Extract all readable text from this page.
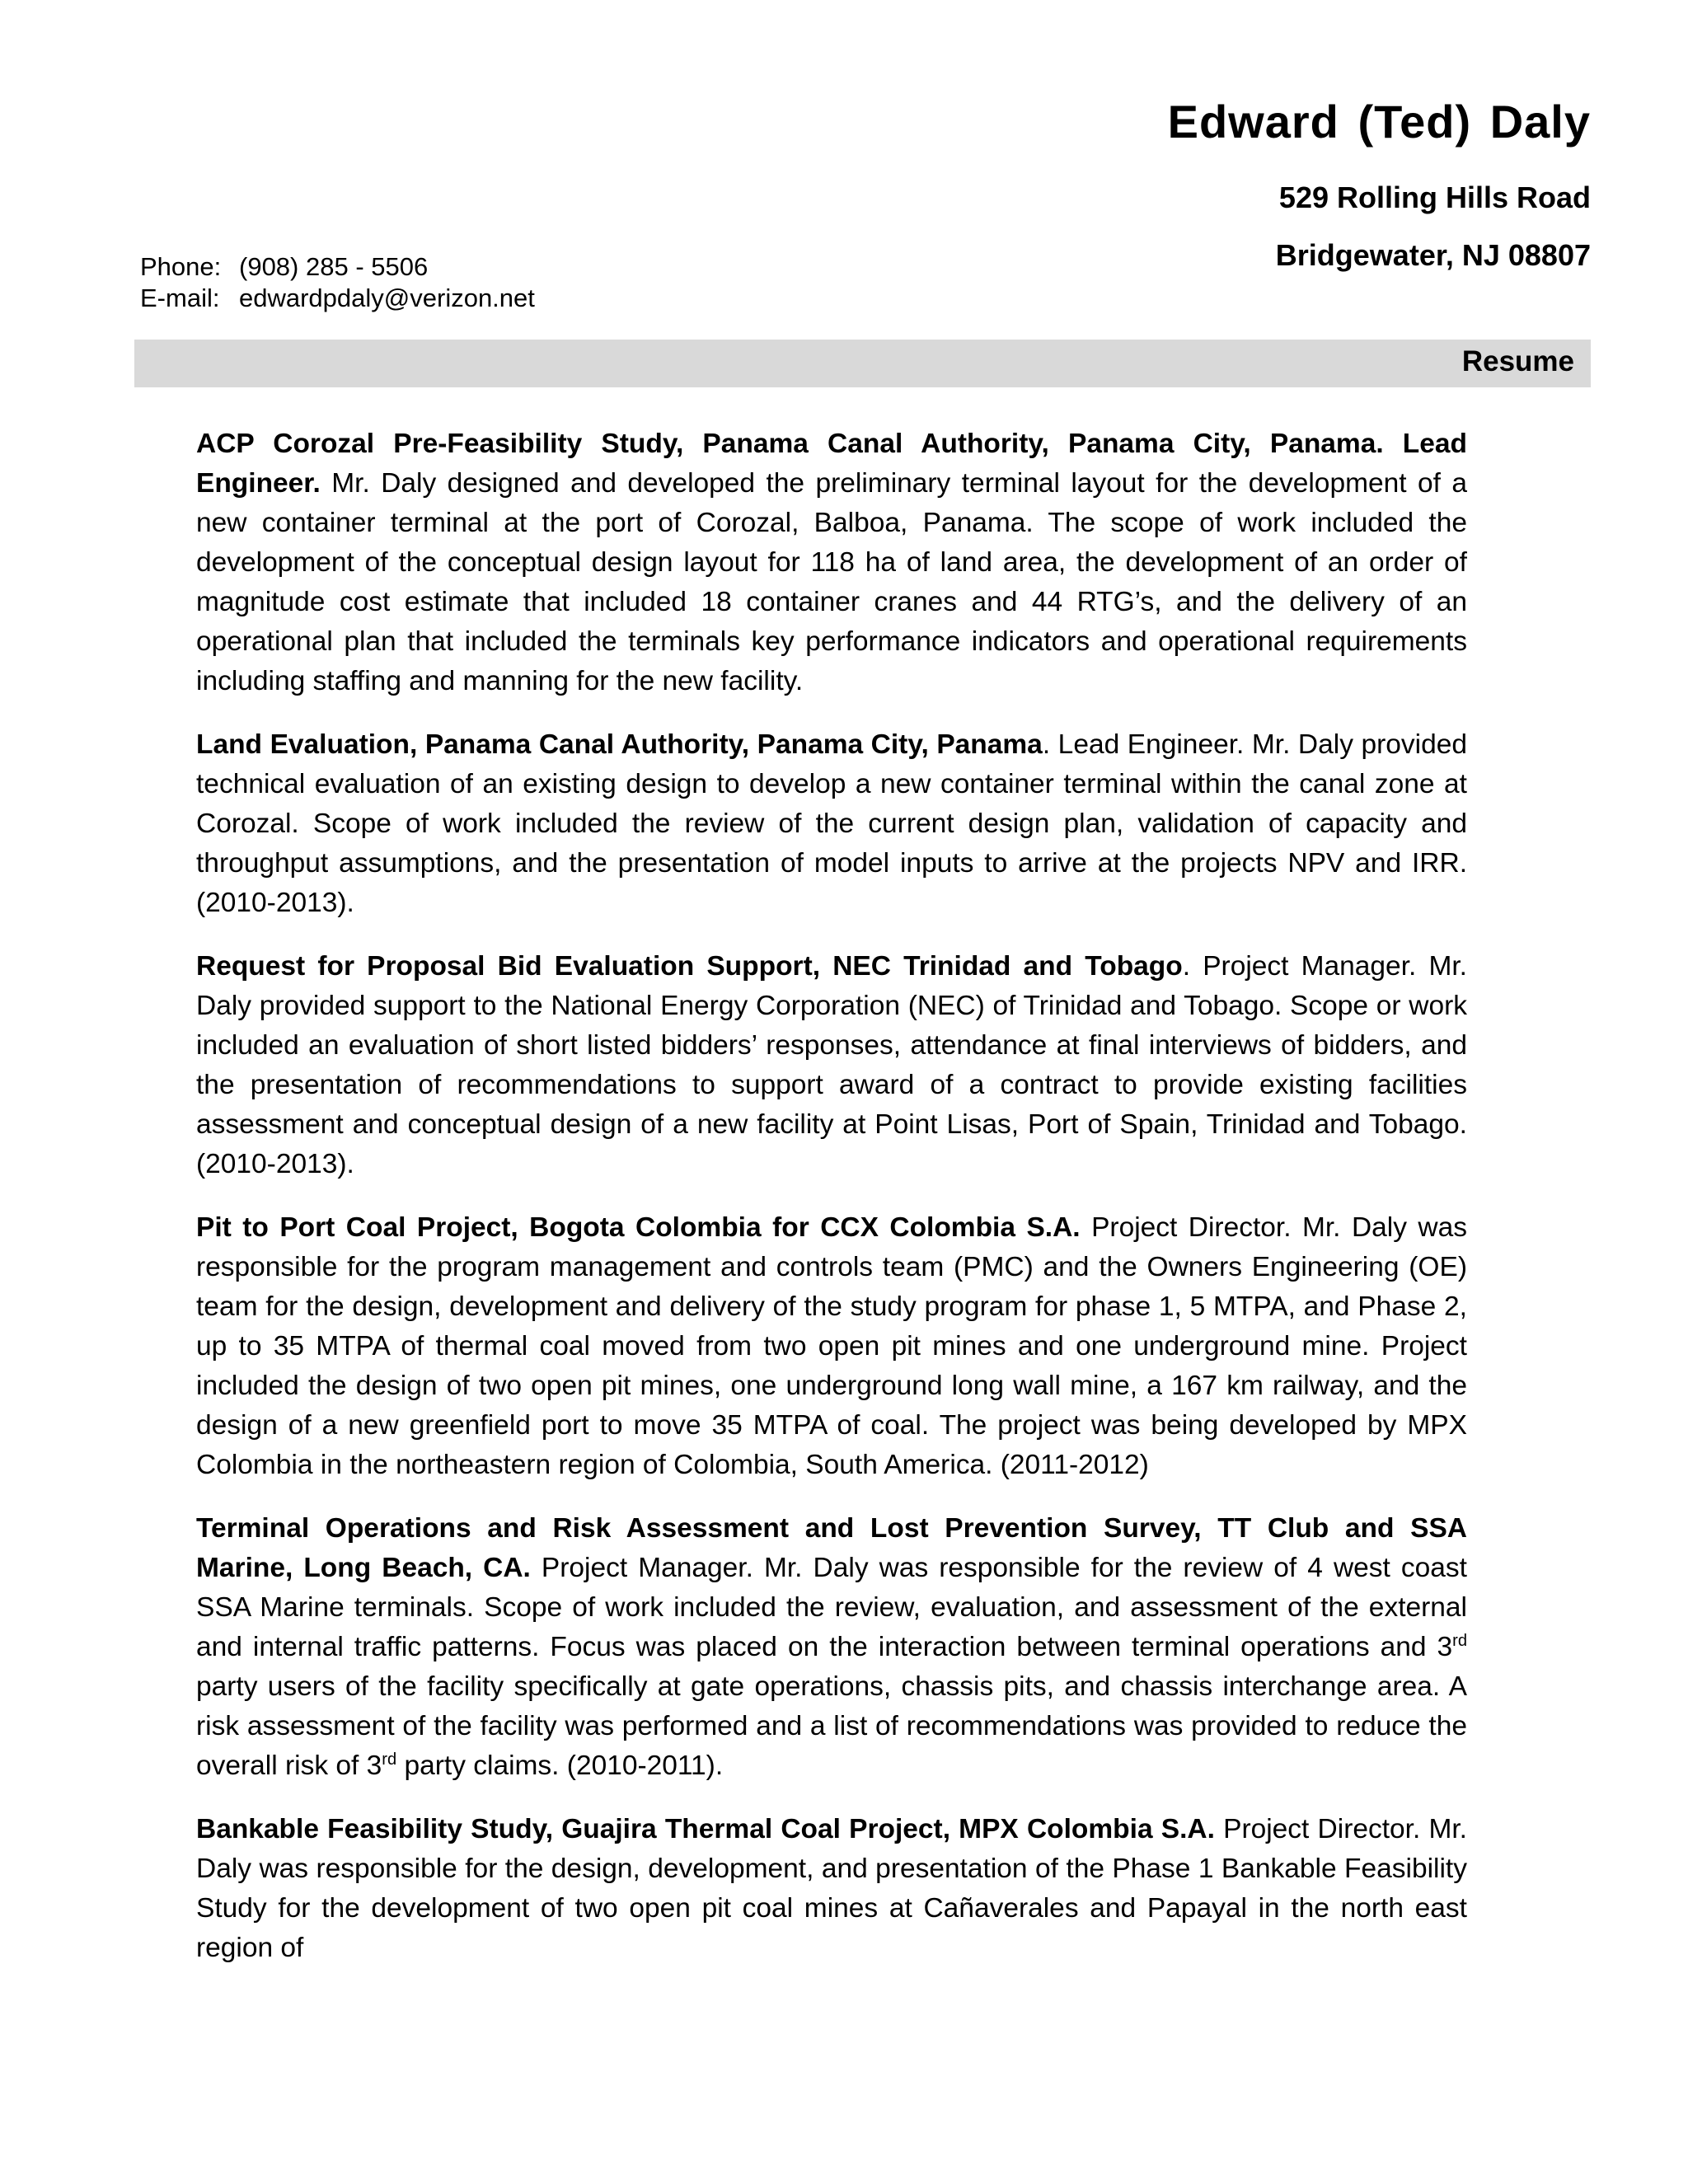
Edward (Ted) Daly

529 Rolling Hills Road

Bridgewater, NJ 08807

Phone: (908) 285 - 5506
E-mail: edwardpdaly@verizon.net
Resume

ACP Corozal Pre-Feasibility Study, Panama Canal Authority, Panama City, Panama. Lead Engineer. Mr. Daly designed and developed the preliminary terminal layout for the development of a new container terminal at the port of Corozal, Balboa, Panama. The scope of work included the development of the conceptual design layout for 118 ha of land area, the development of an order of magnitude cost estimate that included 18 container cranes and 44 RTG’s, and the delivery of an operational plan that included the terminals key performance indicators and operational requirements including staffing and manning for the new facility.

Land Evaluation, Panama Canal Authority, Panama City, Panama. Lead Engineer. Mr. Daly provided technical evaluation of an existing design to develop a new container terminal within the canal zone at Corozal. Scope of work included the review of the current design plan, validation of capacity and throughput assumptions, and the presentation of model inputs to arrive at the projects NPV and IRR. (2010-2013).

Request for Proposal Bid Evaluation Support, NEC Trinidad and Tobago. Project Manager. Mr. Daly provided support to the National Energy Corporation (NEC) of Trinidad and Tobago. Scope or work included an evaluation of short listed bidders’ responses, attendance at final interviews of bidders, and the presentation of recommendations to support award of a contract to provide existing facilities assessment and conceptual design of a new facility at Point Lisas, Port of Spain, Trinidad and Tobago. (2010-2013).

Pit to Port Coal Project, Bogota Colombia for CCX Colombia S.A. Project Director. Mr. Daly was responsible for the program management and controls team (PMC) and the Owners Engineering (OE) team for the design, development and delivery of the study program for phase 1, 5 MTPA, and Phase 2, up to 35 MTPA of thermal coal moved from two open pit mines and one underground mine. Project included the design of two open pit mines, one underground long wall mine, a 167 km railway, and the design of a new greenfield port to move 35 MTPA of coal. The project was being developed by MPX Colombia in the northeastern region of Colombia, South America. (2011-2012)

Terminal Operations and Risk Assessment and Lost Prevention Survey, TT Club and SSA Marine, Long Beach, CA. Project Manager. Mr. Daly was responsible for the review of 4 west coast SSA Marine terminals. Scope of work included the review, evaluation, and assessment of the external and internal traffic patterns. Focus was placed on the interaction between terminal operations and 3rd party users of the facility specifically at gate operations, chassis pits, and chassis interchange area. A risk assessment of the facility was performed and a list of recommendations was provided to reduce the overall risk of 3rd party claims. (2010-2011).

Bankable Feasibility Study, Guajira Thermal Coal Project, MPX Colombia S.A. Project Director. Mr. Daly was responsible for the design, development, and presentation of the Phase 1 Bankable Feasibility Study for the development of two open pit coal mines at Cañaverales and Papayal in the north east region of
